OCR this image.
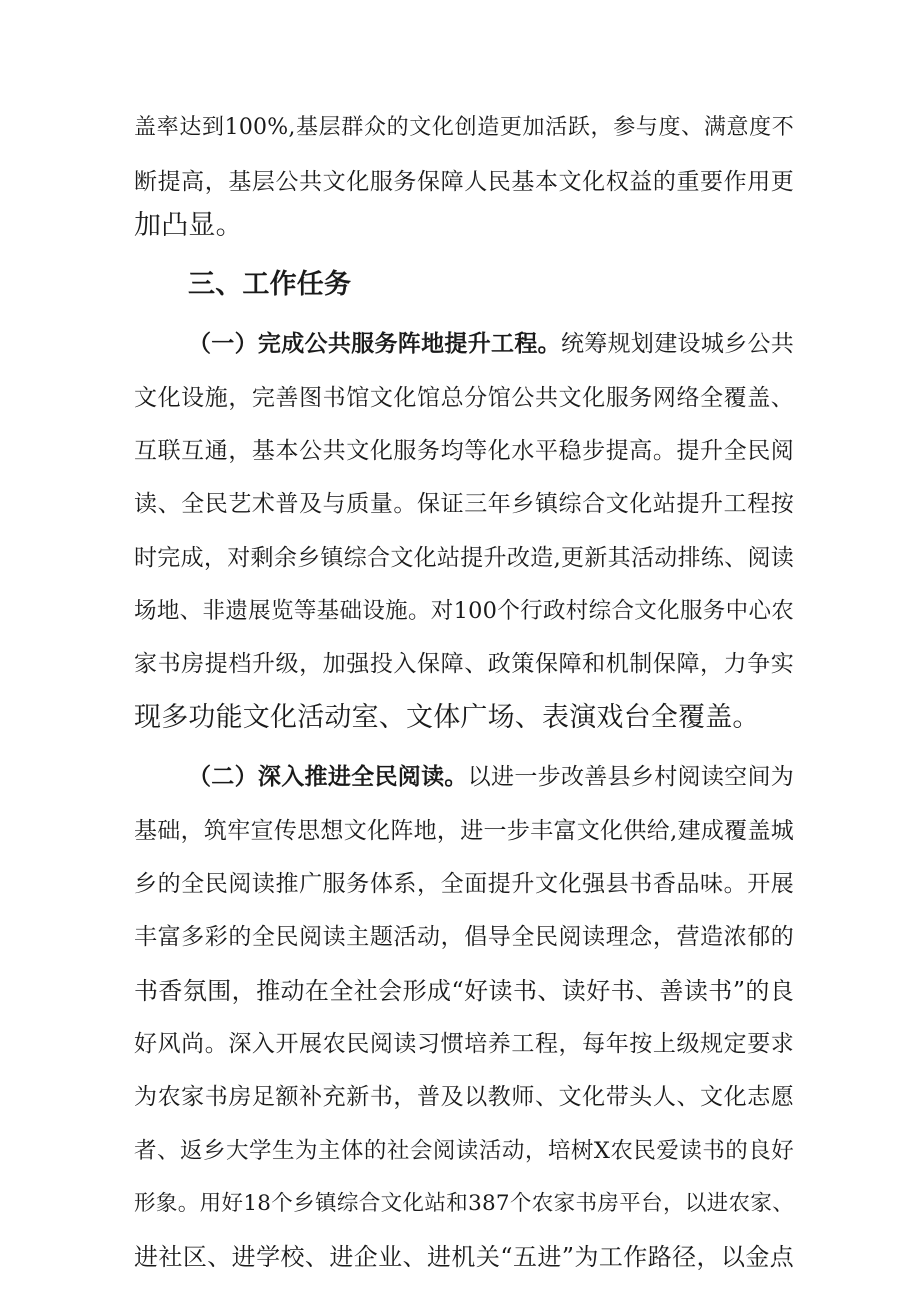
盖率达到100%,基层群众的文化创造更加活跃，参与度、满意度不
断提高，基层公共文化服务保障人民基本文化权益的重要作用更
加凸显。
三、工作任务
（一）完成公共服务阵地提升工程。统筹规划建设城乡公共
文化设施，完善图书馆文化馆总分馆公共文化服务网络全覆盖、
互联互通，基本公共文化服务均等化水平稳步提高。提升全民阅
读、全民艺术普及与质量。保证三年乡镇综合文化站提升工程按
时完成，对剩余乡镇综合文化站提升改造,更新其活动排练、阅读
场地、非遗展览等基础设施。对100个行政村综合文化服务中心农
家书房提档升级，加强投入保障、政策保障和机制保障，力争实
现多功能文化活动室、文体广场、表演戏台全覆盖。
（二）深入推进全民阅读。以进一步改善县乡村阅读空间为
基础，筑牢宣传思想文化阵地，进一步丰富文化供给,建成覆盖城
乡的全民阅读推广服务体系，全面提升文化强县书香品味。开展
丰富多彩的全民阅读主题活动，倡导全民阅读理念，营造浓郁的
书香氛围，推动在全社会形成“好读书、读好书、善读书”的良
好风尚。深入开展农民阅读习惯培养工程，每年按上级规定要求
为农家书房足额补充新书，普及以教师、文化带头人、文化志愿
者、返乡大学生为主体的社会阅读活动，培树X农民爱读书的良好
形象。用好18个乡镇综合文化站和387个农家书房平台，以进农家、
进社区、进学校、进企业、进机关“五进”为工作路径，以金点
